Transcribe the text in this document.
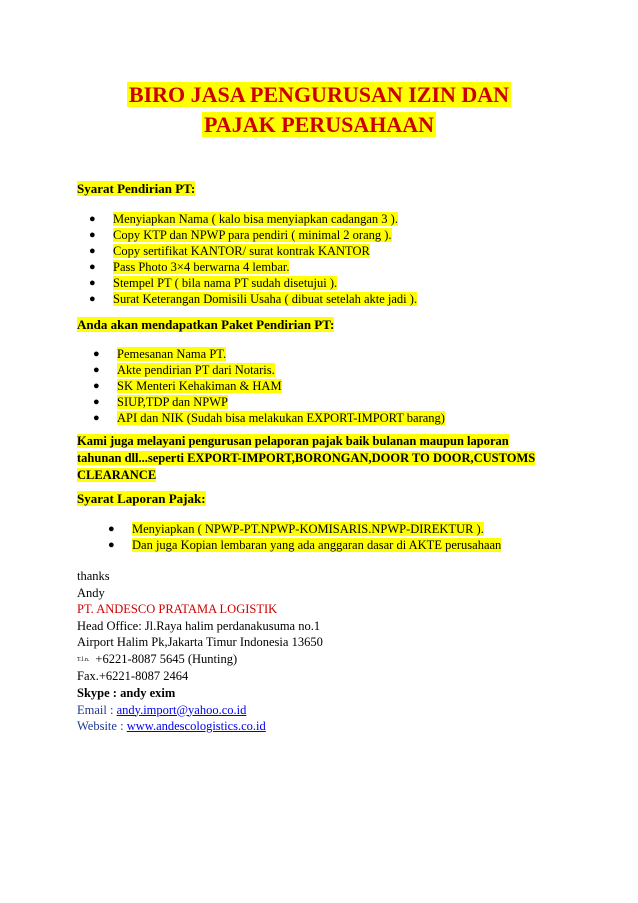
BIRO JASA PENGURUSAN IZIN DAN
PAJAK PERUSAHAAN
Syarat Pendirian PT:
● Menyiapkan Nama ( kalo bisa menyiapkan cadangan 3 ).
● Copy KTP dan NPWP para pendiri ( minimal 2 orang ).
● Copy sertifikat KANTOR/ surat kontrak KANTOR
● Pass Photo 3×4 berwarna 4 lembar.
● Stempel PT ( bila nama PT sudah disetujui ).
● Surat Keterangan Domisili Usaha ( dibuat setelah akte jadi ).
Anda akan mendapatkan Paket Pendirian PT:
● Pemesanan Nama PT.
● Akte pendirian PT dari Notaris.
● SK Menteri Kehakiman & HAM
● SIUP,TDP dan NPWP
● API dan NIK (Sudah bisa melakukan EXPORT-IMPORT barang)
Kami juga melayani pengurusan pelaporan pajak baik bulanan maupun laporan
tahunan dll...seperti EXPORT-IMPORT,BORONGAN,DOOR TO DOOR,CUSTOMS
CLEARANCE
Syarat Laporan Pajak:
● Menyiapkan ( NPWP-PT.NPWP-KOMISARIS.NPWP-DIREKTUR ).
● Dan juga Kopian lembaran yang ada anggaran dasar di AKTE perusahaan
thanks
Andy
PT. ANDESCO PRATAMA LOGISTIK
Head Office: Jl.Raya halim perdanakusuma no.1
Airport Halim Pk,Jakarta Timur Indonesia 13650
T.l.n. +6221-8087 5645 (Hunting)
Fax.+6221-8087 2464
Skype : andy exim
Email : andy.import@yahoo.co.id
Website : www.andescologistics.co.id
